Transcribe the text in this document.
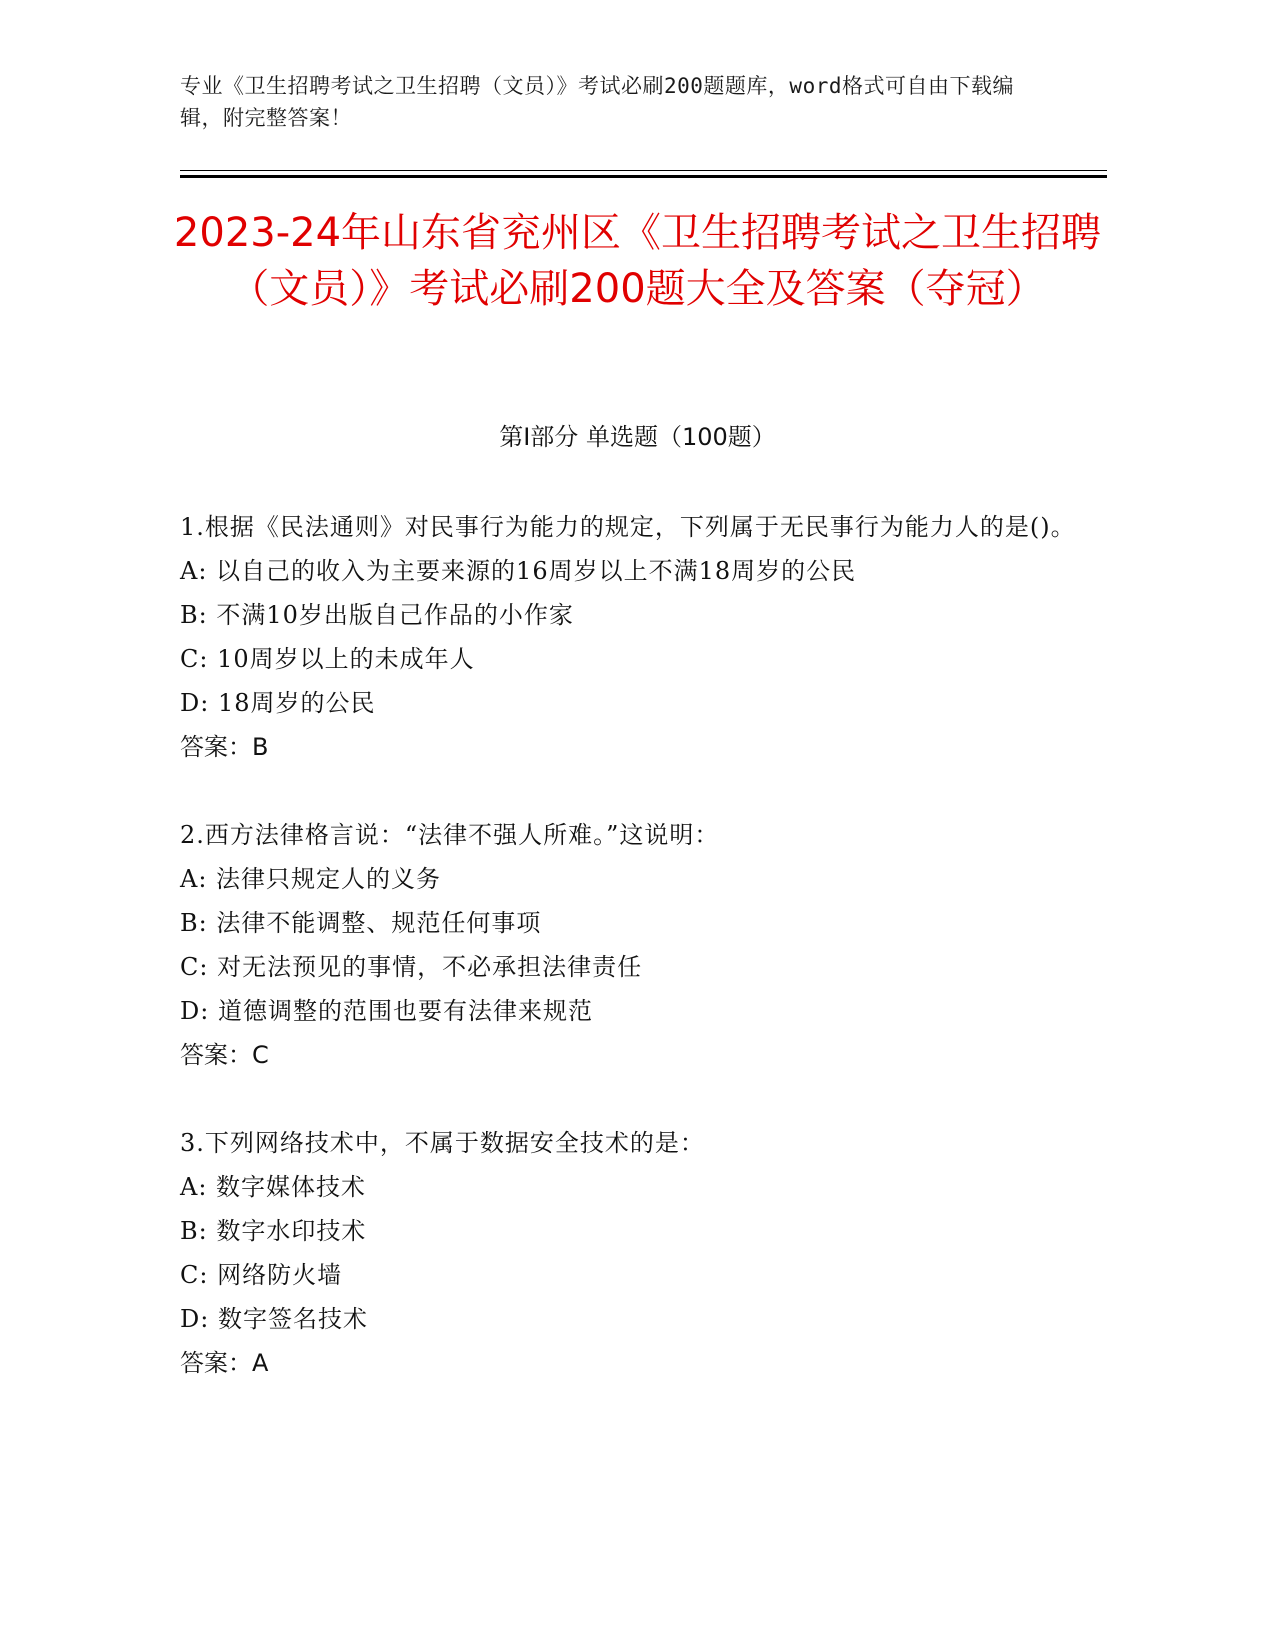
专业《卫生招聘考试之卫生招聘（文员）》考试必刷200题题库，word格式可自由下载编辑，附完整答案！
2023-24年山东省兖州区《卫生招聘考试之卫生招聘（文员）》考试必刷200题大全及答案（夺冠）
第I部分 单选题（100题）

1.根据《民法通则》对民事行为能力的规定，下列属于无民事行为能力人的是()。

A: 以自己的收入为主要来源的16周岁以上不满18周岁的公民

B: 不满10岁出版自己作品的小作家

C: 10周岁以上的未成年人

D: 18周岁的公民

答案：B

2.西方法律格言说：“法律不强人所难。”这说明：

A: 法律只规定人的义务

B: 法律不能调整、规范任何事项

C: 对无法预见的事情，不必承担法律责任

D: 道德调整的范围也要有法律来规范

答案：C

3.下列网络技术中，不属于数据安全技术的是：

A: 数字媒体技术

B: 数字水印技术

C: 网络防火墙

D: 数字签名技术

答案：A
